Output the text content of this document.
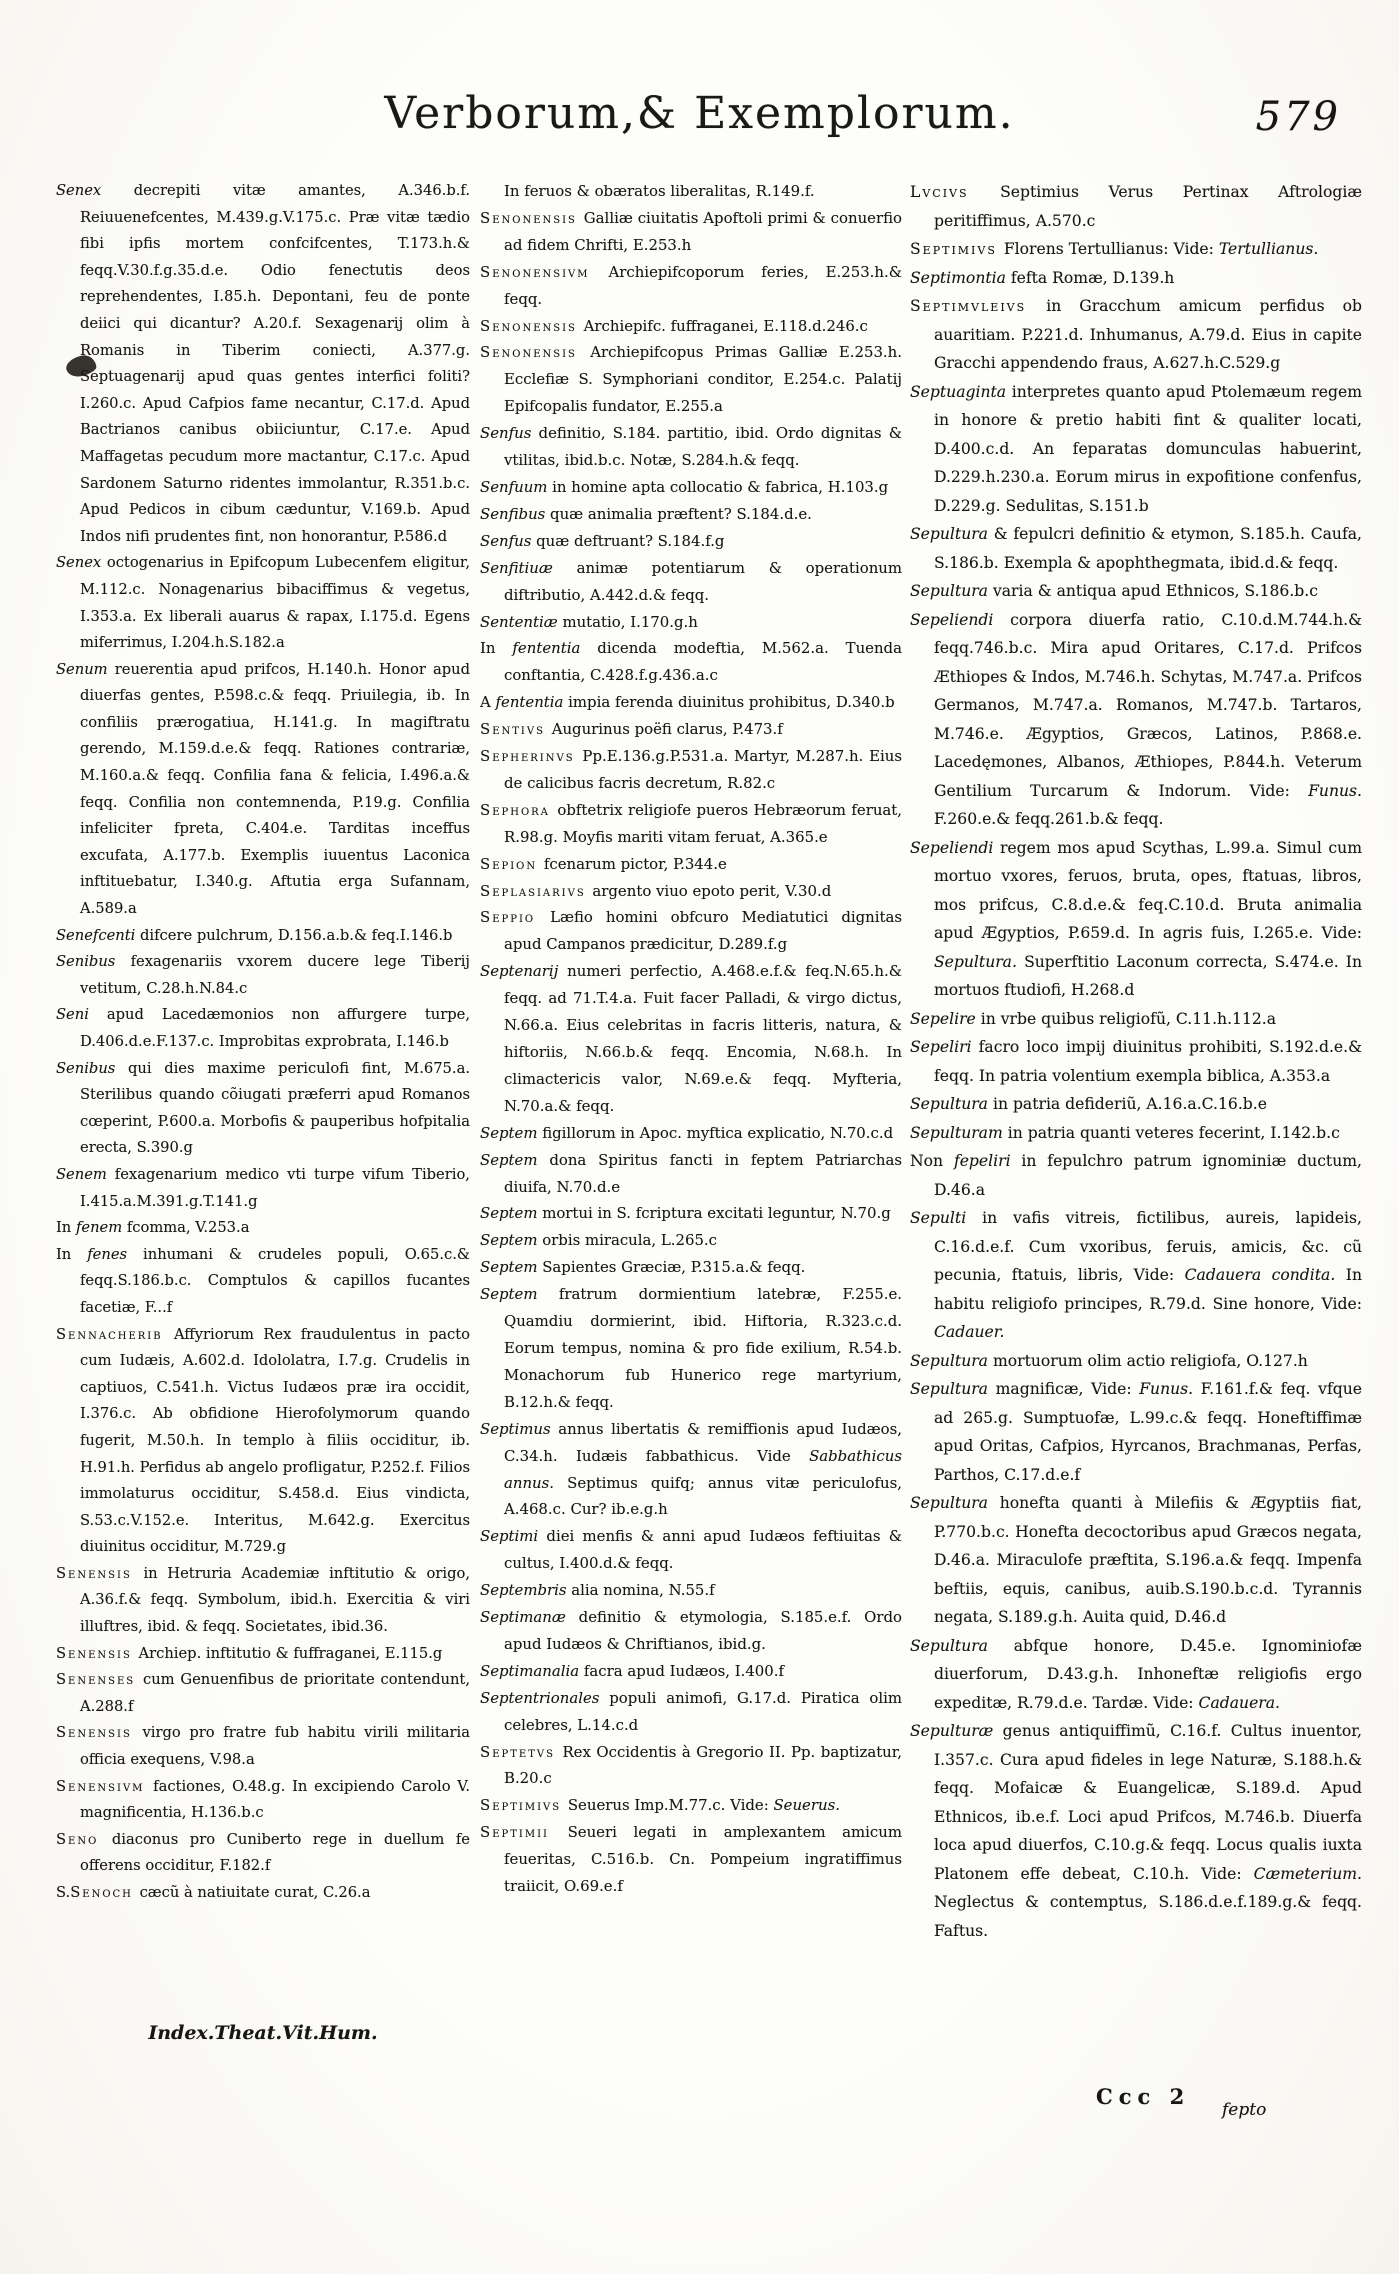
Verborum,& Exemplorum.	579

Senex decrepiti vitæ amantes, A.346.b.f. Reiuuenefcentes, M.439.g.V.175.c. Præ vitæ tædio fibi ipfis mortem confcifcentes, T.173.h.& feqq.V.30.f.g.35.d.e. Odio fenectutis deos reprehendentes, I.85.h. Depontani, feu de ponte deiici qui dicantur? A.20.f. Sexagenarij olim à Romanis in Tiberim coniecti, A.377.g. Septuagenarij apud quas gentes interfici foliti? I.260.c. Apud Cafpios fame necantur, C.17.d. Apud Bactrianos canibus obiiciuntur, C.17.e. Apud Maffagetas pecudum more mactantur, C.17.c. Apud Sardonem Saturno ridentes immolantur, R.351.b.c. Apud Pedicos in cibum cæduntur, V.169.b. Apud Indos nifi prudentes fint, non honorantur, P.586.d

Senex octogenarius in Epifcopum Lubecenfem eligitur, M.112.c. Nonagenarius bibaciffimus & vegetus, I.353.a. Ex liberali auarus & rapax, I.175.d. Egens miferrimus, I.204.h.S.182.a

Senum reuerentia apud prifcos, H.140.h. Honor apud diuerfas gentes, P.598.c.& feqq. Priuilegia, ib. In confiliis prærogatiua, H.141.g. In magiftratu gerendo, M.159.d.e.& feqq. Rationes contrariæ, M.160.a.& feqq. Confilia fana & felicia, I.496.a.& feqq. Confilia non contemnenda, P.19.g. Confilia infeliciter fpreta, C.404.e. Tarditas inceffus excufata, A.177.b. Exemplis iuuentus Laconica inftituebatur, I.340.g. Aftutia erga Sufannam, A.589.a

Senefcenti difcere pulchrum, D.156.a.b.& feq.I.146.b

Senibus fexagenariis vxorem ducere lege Tiberij vetitum, C.28.h.N.84.c

Seni apud Lacedæmonios non affurgere turpe, D.406.d.e.F.137.c. Improbitas exprobrata, I.146.b

Senibus qui dies maxime periculofi fint, M.675.a. Sterilibus quando cõiugati præferri apud Romanos cœperint, P.600.a. Morbofis & pauperibus hofpitalia erecta, S.390.g

Senem fexagenarium medico vti turpe vifum Tiberio, I.415.a.M.391.g.T.141.g

In fenem fcomma, V.253.a

In fenes inhumani & crudeles populi, O.65.c.& feqq.S.186.b.c. Comptulos & capillos fucantes facetiæ, F...f

Sennacherib Affyriorum Rex fraudulentus in pacto cum Iudæis, A.602.d. Idololatra, I.7.g. Crudelis in captiuos, C.541.h. Victus Iudæos præ ira occidit, I.376.c. Ab obfidione Hierofolymorum quando fugerit, M.50.h. In templo à filiis occiditur, ib. H.91.h. Perfidus ab angelo profligatur, P.252.f. Filios immolaturus occiditur, S.458.d. Eius vindicta, S.53.c.V.152.e. Interitus, M.642.g. Exercitus diuinitus occiditur, M.729.g

Senensis in Hetruria Academiæ inftitutio & origo, A.36.f.& feqq. Symbolum, ibid.h. Exercitia & viri illuftres, ibid. & feqq. Societates, ibid.36.

Senensis Archiep. inftitutio & fuffraganei, E.115.g

Senenses cum Genuenfibus de prioritate contendunt, A.288.f

Senensis virgo pro fratre fub habitu virili militaria officia exequens, V.98.a

Senensivm factiones, O.48.g. In excipiendo Carolo V. magnificentia, H.136.b.c

Seno diaconus pro Cuniberto rege in duellum fe offerens occiditur, F.182.f

S.Senoch cæcũ à natiuitate curat, C.26.a

In feruos & obæratos liberalitas, R.149.f.

Senonensis Galliæ ciuitatis Apoftoli primi & conuerfio ad fidem Chrifti, E.253.h

Senonensivm Archiepifcoporum feries, E.253.h.& feqq.

Senonensis Archiepifc. fuffraganei, E.118.d.246.c

Senonensis Archiepifcopus Primas Galliæ E.253.h. Ecclefiæ S. Symphoriani conditor, E.254.c. Palatij Epifcopalis fundator, E.255.a

Senfus definitio, S.184. partitio, ibid. Ordo dignitas & vtilitas, ibid.b.c. Notæ, S.284.h.& feqq.

Senfuum in homine apta collocatio & fabrica, H.103.g

Senfibus quæ animalia præftent? S.184.d.e.

Senfus quæ deftruant? S.184.f.g

Senfitiuæ animæ potentiarum & operationum diftributio, A.442.d.& feqq.

Sententiæ mutatio, I.170.g.h

In fententia dicenda modeftia, M.562.a. Tuenda conftantia, C.428.f.g.436.a.c

A fententia impia ferenda diuinitus prohibitus, D.340.b

Sentivs Augurinus poëfi clarus, P.473.f

Sepherinvs Pp.E.136.g.P.531.a. Martyr, M.287.h. Eius de calicibus facris decretum, R.82.c

Sephora obftetrix religiofe pueros Hebræorum feruat, R.98.g. Moyfis mariti vitam feruat, A.365.e

Sepion fcenarum pictor, P.344.e

Seplasiarivs argento viuo epoto perit, V.30.d

Seppio Læfio homini obfcuro Mediatutici dignitas apud Campanos prædicitur, D.289.f.g

Septenarij numeri perfectio, A.468.e.f.& feq.N.65.h.& feqq. ad 71.T.4.a. Fuit facer Palladi, & virgo dictus, N.66.a. Eius celebritas in facris litteris, natura, & hiftoriis, N.66.b.& feqq. Encomia, N.68.h. In climactericis valor, N.69.e.& feqq. Myfteria, N.70.a.& feqq.

Septem figillorum in Apoc. myftica explicatio, N.70.c.d

Septem dona Spiritus fancti in feptem Patriarchas diuifa, N.70.d.e

Septem mortui in S. fcriptura excitati leguntur, N.70.g

Septem orbis miracula, L.265.c

Septem Sapientes Græciæ, P.315.a.& feqq.

Septem fratrum dormientium latebræ, F.255.e. Quamdiu dormierint, ibid. Hiftoria, R.323.c.d. Eorum tempus, nomina & pro fide exilium, R.54.b. Monachorum fub Hunerico rege martyrium, B.12.h.& feqq.

Septimus annus libertatis & remiffionis apud Iudæos, C.34.h. Iudæis fabbathicus. Vide Sabbathicus annus. Septimus quifq; annus vitæ periculofus, A.468.c. Cur? ib.e.g.h

Septimi diei menfis & anni apud Iudæos feftiuitas & cultus, I.400.d.& feqq.

Septembris alia nomina, N.55.f

Septimanæ definitio & etymologia, S.185.e.f. Ordo apud Iudæos & Chriftianos, ibid.g.

Septimanalia facra apud Iudæos, I.400.f

Septentrionales populi animofi, G.17.d. Piratica olim celebres, L.14.c.d

Septetvs Rex Occidentis à Gregorio II. Pp. baptizatur, B.20.c

Septimivs Seuerus Imp.M.77.c. Vide: Seuerus.

Septimii Seueri legati in amplexantem amicum feueritas, C.516.b. Cn. Pompeium ingratiffimus traiicit, O.69.e.f

Lvcivs Septimius Verus Pertinax Aftrologiæ peritiffimus, A.570.c

Septimivs Florens Tertullianus: Vide: Tertullianus.

Septimontia fefta Romæ, D.139.h

Septimvleivs in Gracchum amicum perfidus ob auaritiam. P.221.d. Inhumanus, A.79.d. Eius in capite Gracchi appendendo fraus, A.627.h.C.529.g

Septuaginta interpretes quanto apud Ptolemæum regem in honore & pretio habiti fint & qualiter locati, D.400.c.d. An feparatas domunculas habuerint, D.229.h.230.a. Eorum mirus in expofitione confenfus, D.229.g. Sedulitas, S.151.b

Sepultura & fepulcri definitio & etymon, S.185.h. Caufa, S.186.b. Exempla & apophthegmata, ibid.d.& feqq.

Sepultura varia & antiqua apud Ethnicos, S.186.b.c

Sepeliendi corpora diuerfa ratio, C.10.d.M.744.h.& feqq.746.b.c. Mira apud Oritares, C.17.d. Prifcos Æthiopes & Indos, M.746.h. Schytas, M.747.a. Prifcos Germanos, M.747.a. Romanos, M.747.b. Tartaros, M.746.e. Ægyptios, Græcos, Latinos, P.868.e. Lacedęmones, Albanos, Æthiopes, P.844.h. Veterum Gentilium Turcarum & Indorum. Vide: Funus. F.260.e.& feqq.261.b.& feqq.

Sepeliendi regem mos apud Scythas, L.99.a. Simul cum mortuo vxores, feruos, bruta, opes, ftatuas, libros, mos prifcus, C.8.d.e.& feq.C.10.d. Bruta animalia apud Ægyptios, P.659.d. In agris fuis, I.265.e. Vide: Sepultura. Superftitio Laconum correcta, S.474.e. In mortuos ftudiofi, H.268.d

Sepelire in vrbe quibus religiofũ, C.11.h.112.a

Sepeliri facro loco impij diuinitus prohibiti, S.192.d.e.& feqq. In patria volentium exempla biblica, A.353.a

Sepultura in patria defideriũ, A.16.a.C.16.b.e

Sepulturam in patria quanti veteres fecerint, I.142.b.c

Non fepeliri in fepulchro patrum ignominiæ ductum, D.46.a

Sepulti in vafis vitreis, fictilibus, aureis, lapideis, C.16.d.e.f. Cum vxoribus, feruis, amicis, &c. cũ pecunia, ftatuis, libris, Vide: Cadauera condita. In habitu religiofo principes, R.79.d. Sine honore, Vide: Cadauer.

Sepultura mortuorum olim actio religiofa, O.127.h

Sepultura magnificæ, Vide: Funus. F.161.f.& feq. vfque ad 265.g. Sumptuofæ, L.99.c.& feqq. Honeftiffimæ apud Oritas, Cafpios, Hyrcanos, Brachmanas, Perfas, Parthos, C.17.d.e.f

Sepultura honefta quanti à Milefiis & Ægyptiis fiat, P.770.b.c. Honefta decoctoribus apud Græcos negata, D.46.a. Miraculofe præftita, S.196.a.& feqq. Impenfa beftiis, equis, canibus, auib.S.190.b.c.d. Tyrannis negata, S.189.g.h. Auita quid, D.46.d

Sepultura abfque honore, D.45.e. Ignominiofæ diuerforum, D.43.g.h. Inhoneftæ religiofis ergo expeditæ, R.79.d.e. Tardæ. Vide: Cadauera.

Sepulturæ genus antiquiffimũ, C.16.f. Cultus inuentor, I.357.c. Cura apud fideles in lege Naturæ, S.188.h.& feqq. Mofaicæ & Euangelicæ, S.189.d. Apud Ethnicos, ib.e.f. Loci apud Prifcos, M.746.b. Diuerfa loca apud diuerfos, C.10.g.& feqq. Locus qualis iuxta Platonem effe debeat, C.10.h. Vide: Cæmeterium. Neglectus & contemptus, S.186.d.e.f.189.g.& feqq. Faftus.

Index.Theat.Vit.Hum.
Ccc 2
fepto
